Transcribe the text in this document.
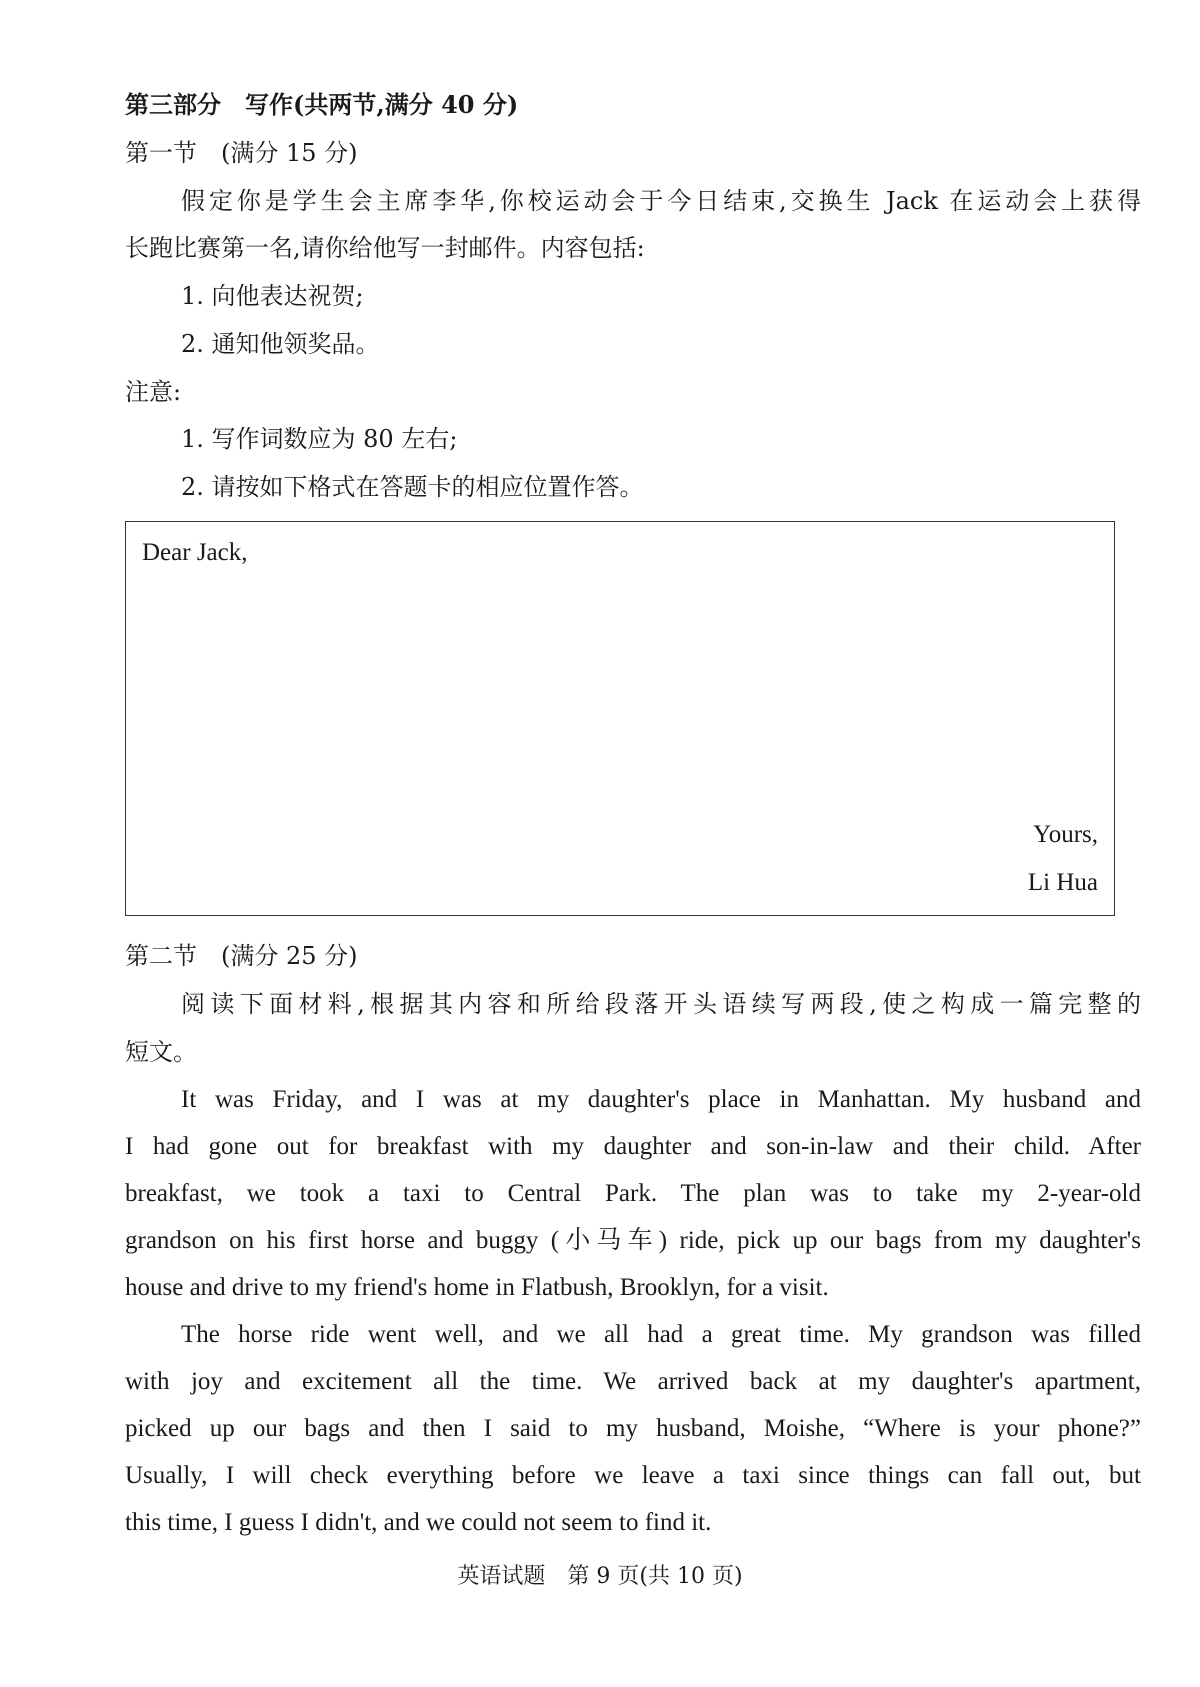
第三部分　写作(共两节,满分 40 分)
第一节　(满分 15 分)
假定你是学生会主席李华,你校运动会于今日结束,交换生 Jack 在运动会上获得
长跑比赛第一名,请你给他写一封邮件。内容包括:
1. 向他表达祝贺;
2. 通知他领奖品。
注意:
1. 写作词数应为 80 左右;
2. 请按如下格式在答题卡的相应位置作答。
Dear Jack,
Yours,
Li Hua
第二节　(满分 25 分)
阅读下面材料,根据其内容和所给段落开头语续写两段,使之构成一篇完整的
短文。
It was Friday, and I was at my daughter's place in Manhattan. My husband and
I had gone out for breakfast with my daughter and son-in-law and their child. After
breakfast, we took a taxi to Central Park. The plan was to take my 2-year-old
grandson on his first horse and buggy (小马车) ride, pick up our bags from my daughter's
house and drive to my friend's home in Flatbush, Brooklyn, for a visit.
The horse ride went well, and we all had a great time. My grandson was filled
with joy and excitement all the time. We arrived back at my daughter's apartment,
picked up our bags and then I said to my husband, Moishe, “Where is your phone?”
Usually, I will check everything before we leave a taxi since things can fall out, but
this time, I guess I didn't, and we could not seem to find it.
英语试题　第 9 页(共 10 页)
